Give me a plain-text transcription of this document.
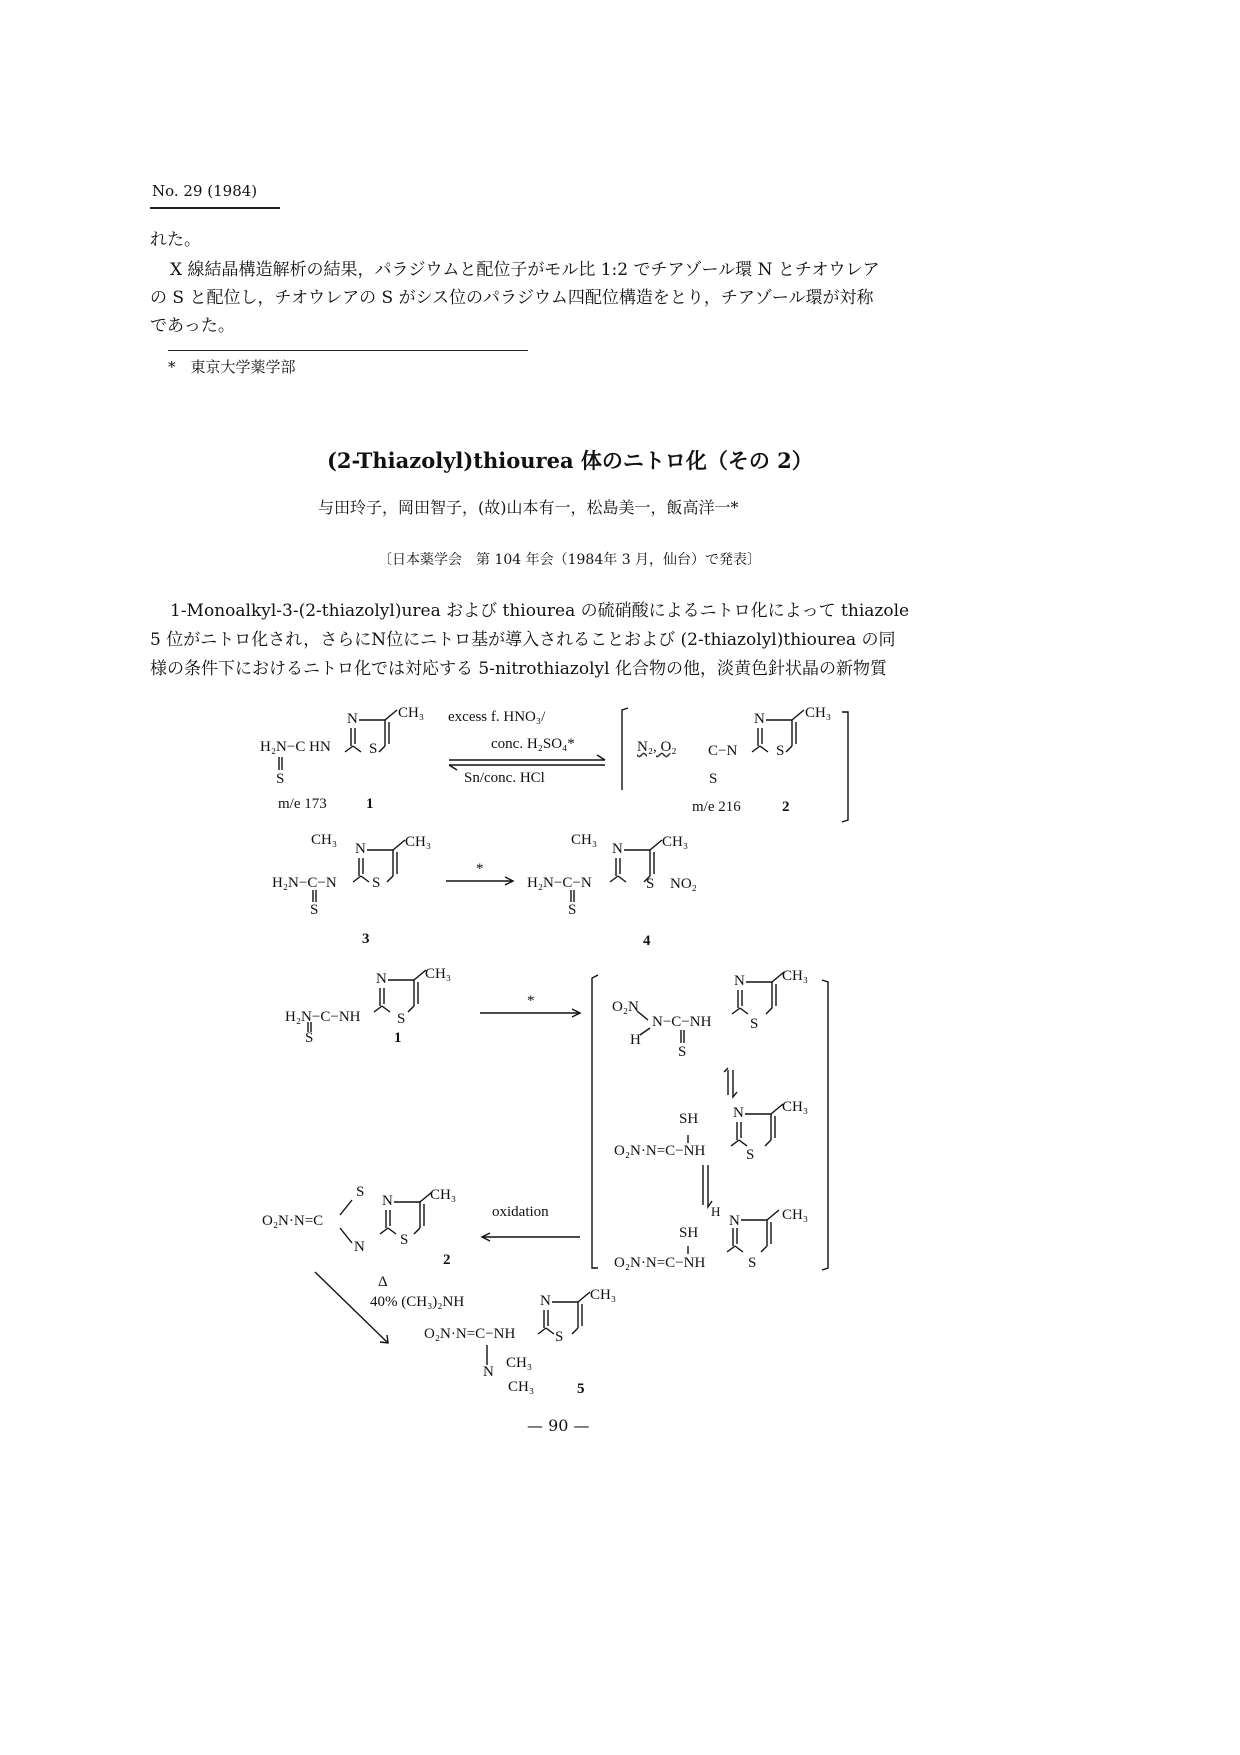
No. 29 (1984)
れた。
X 線結晶構造解析の結果，パラジウムと配位子がモル比 1:2 でチアゾール環 N とチオウレア
の S と配位し，チオウレアの S がシス位のパラジウム四配位構造をとり，チアゾール環が対称
であった。
*　東京大学薬学部
(2-Thiazolyl)thiourea 体のニトロ化（その 2）
与田玲子，岡田智子，(故)山本有一，松島美一，飯高洋一*
〔日本薬学会　第 104 年会（1984年 3 月，仙台）で発表〕
1-Monoalkyl-3-(2-thiazolyl)urea および thiourea の硫硝酸によるニトロ化によって thiazole
5 位がニトロ化され，さらにN位にニトロ基が導入されることおよび (2-thiazolyl)thiourea の同
様の条件下におけるニトロ化では対応する 5-nitrothiazolyl 化合物の他，淡黄色針状晶の新物質
N	CH₃
H₂N−C HN	S
S
m/e 173	1
excess f. HNO₃/
conc. H₂SO₄*
Sn/conc. HCl
N₂, O₂
N	CH₃
C−N	S
S
m/e 216	2
CH₃
N	CH₃
H₂N−C−N S
S
3
*
CH₃
N	CH₃
H₂N−C−N	S NO₂
S
4
N	CH₃
H₂N−C−NH S
S	1
*	O₂N
N−C−NH
H
S
N CH₃
S
SH N	CH₃
O₂N·N=C−NH	S
H
N	CH₃
SH
O₂N·N=C−NH	S
S
N CH₃
O₂N·N=C
N S
2
oxidation
Δ
40% (CH₃)₂NH	N	CH₃
O₂N·N=C−NH	S
N
CH₃
CH₃	5
— 90 —
